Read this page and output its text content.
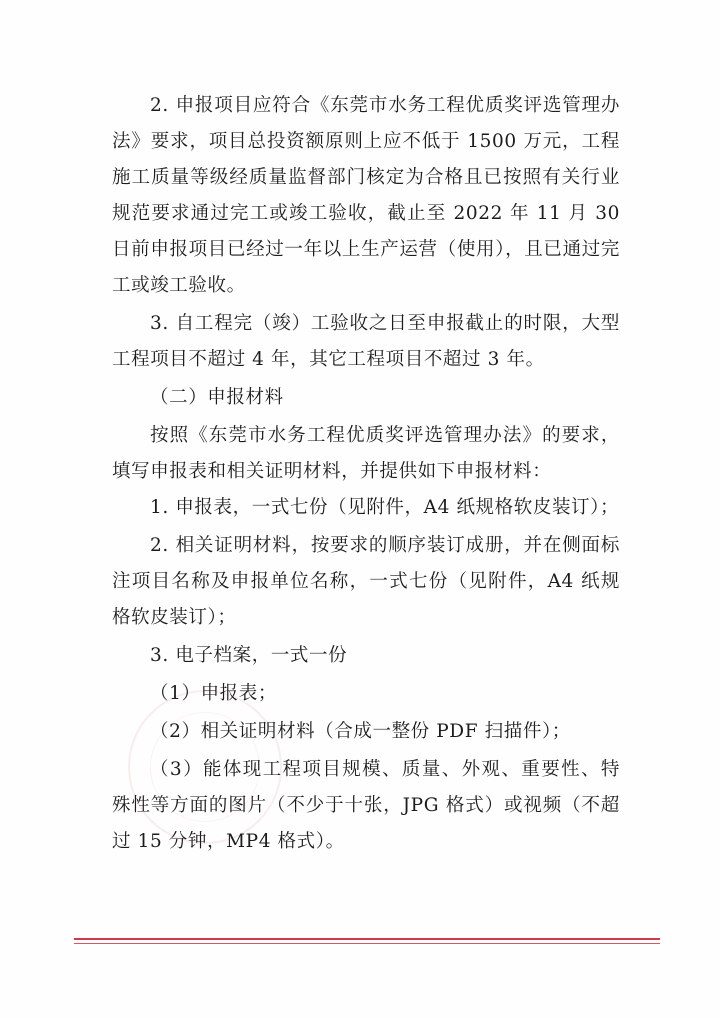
2. 申报项目应符合《东莞市水务工程优质奖评选管理办法》要求，项目总投资额原则上应不低于 1500 万元，工程施工质量等级经质量监督部门核定为合格且已按照有关行业规范要求通过完工或竣工验收，截止至 2022 年 11 月 30 日前申报项目已经过一年以上生产运营（使用），且已通过完工或竣工验收。

3. 自工程完（竣）工验收之日至申报截止的时限，大型工程项目不超过 4 年，其它工程项目不超过 3 年。

（二）申报材料

按照《东莞市水务工程优质奖评选管理办法》的要求，填写申报表和相关证明材料，并提供如下申报材料：

1. 申报表，一式七份（见附件，A4 纸规格软皮装订）；

2. 相关证明材料，按要求的顺序装订成册，并在侧面标注项目名称及申报单位名称，一式七份（见附件，A4 纸规格软皮装订）；

3. 电子档案，一式一份

（1）申报表；

（2）相关证明材料（合成一整份 PDF 扫描件）；

（3）能体现工程项目规模、质量、外观、重要性、特殊性等方面的图片（不少于十张，JPG 格式）或视频（不超过 15 分钟，MP4 格式）。
